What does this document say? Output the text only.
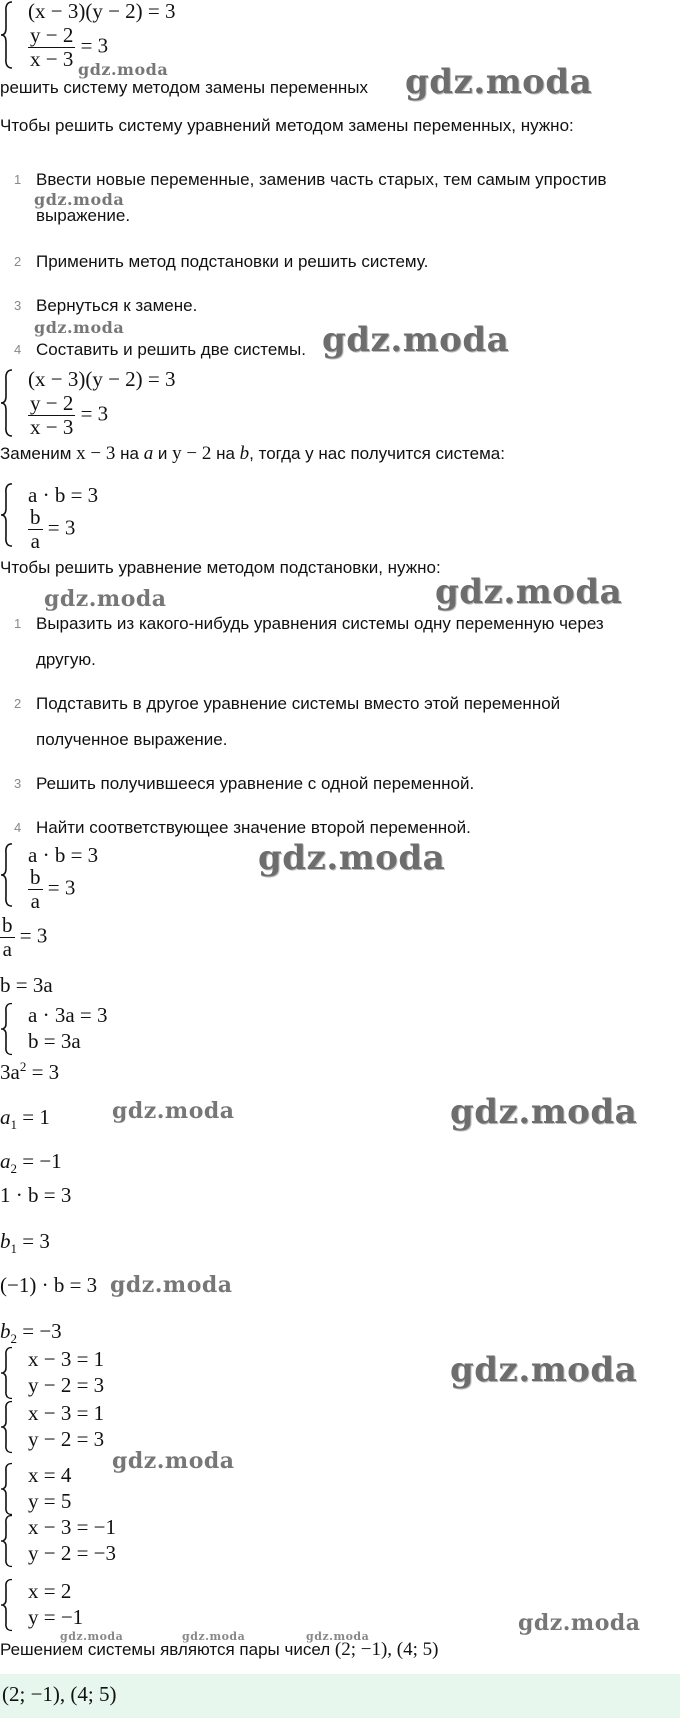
(x − 3)(y − 2) = 3
$\frac{y - 2}{x - 3} = 3$
gdz.moda
решить систему методом замены переменных	gdz.moda
Чтобы решить систему уравнений методом замены переменных, нужно:
1 Ввести новые переменные, заменив часть старых, тем самым упростив
выражение.
gdz.moda
2 Применить метод подстановки и решить систему.
3 Вернуться к замене.
gdz.moda
4 Составить и решить две системы. gdz.moda
(x − 3)(y − 2) = 3
$\frac{y - 2}{x - 3} = 3$
Заменим x − 3 на a и y − 2 на b, тогда у нас получится система:
a · b = 3
$\frac{b}{a} = 3$
Чтобы решить уравнение методом подстановки, нужно:
gdz.moda	gdz.moda
1 Выразить из какого-нибудь уравнения системы одну переменную через
другую.
2 Подставить в другое уравнение системы вместо этой переменной
полученное выражение.
3 Решить получившееся уравнение с одной переменной.
4 Найти соответствующее значение второй переменной.
a · b = 3
$\frac{b}{a} = 3$
gdz.moda
$\frac{b}{a} = 3$
b = 3a
a · 3a = 3
b = 3a
$3a^2 = 3$
$a_1 = 1$	gdz.moda	gdz.moda
$a_2 = -1$
1 · b = 3
$b_1 = 3$
(−1) · b = 3 gdz.moda
$b_2 = -3$
x − 3 = 1
y − 2 = 3	gdz.moda
x − 3 = 1
y − 2 = 3
x = 4
y = 5
gdz.moda
x − 3 = −1
y − 2 = −3
x = 2
y = −1
gdz.moda	gdz.moda	gdz.moda
gdz.moda
Решением системы являются пары чисел (2; −1), (4; 5)
(2; −1), (4; 5)
